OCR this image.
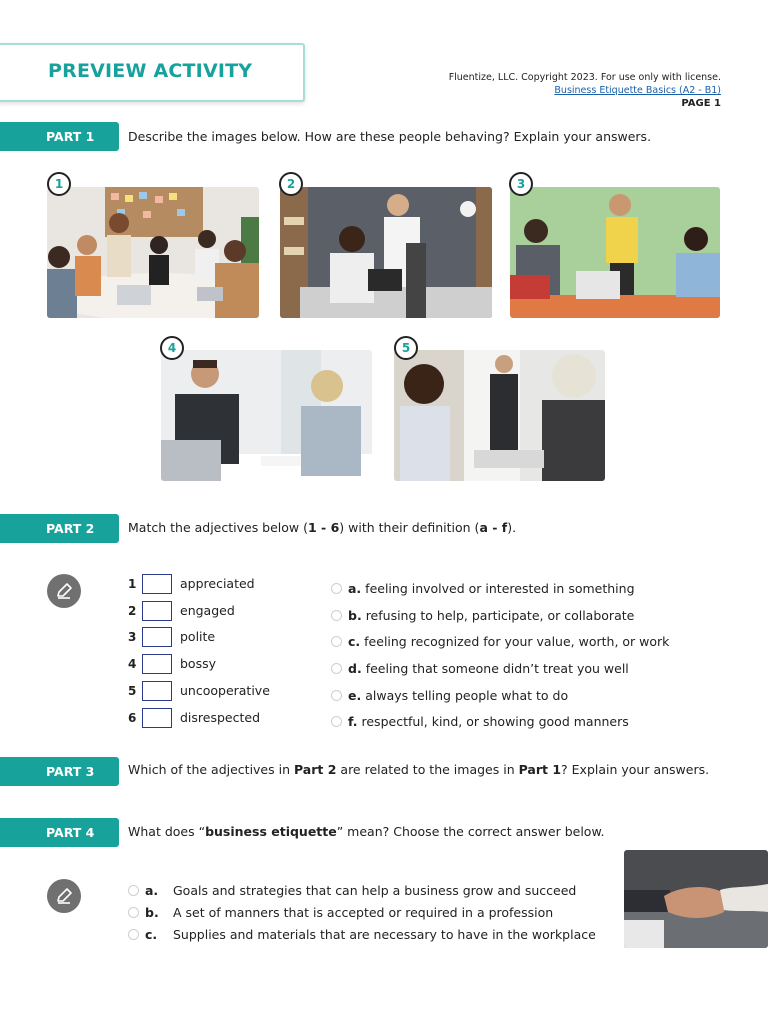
PREVIEW ACTIVITY	Fluentize, LLC. Copyright 2023. For use only with license.
Business Etiquette Basics (A2 - B1)
PAGE 1
PART 1	Describe the images below. How are these people behaving? Explain your answers.
1	2	3
4	5
PART 2	Match the adjectives below (1 - 6) with their definition (a - f).
1	appreciated
2	engaged
3	polite
4	bossy
5	uncooperative
6	disrespected
a. feeling involved or interested in something
b. refusing to help, participate, or collaborate
c. feeling recognized for your value, worth, or work
d. feeling that someone didn’t treat you well
e. always telling people what to do
f. respectful, kind, or showing good manners
PART 3	Which of the adjectives in Part 2 are related to the images in Part 1? Explain your answers.
PART 4	What does “business etiquette” mean? Choose the correct answer below.
a. Goals and strategies that can help a business grow and succeed
b. A set of manners that is accepted or required in a profession
c. Supplies and materials that are necessary to have in the workplace
